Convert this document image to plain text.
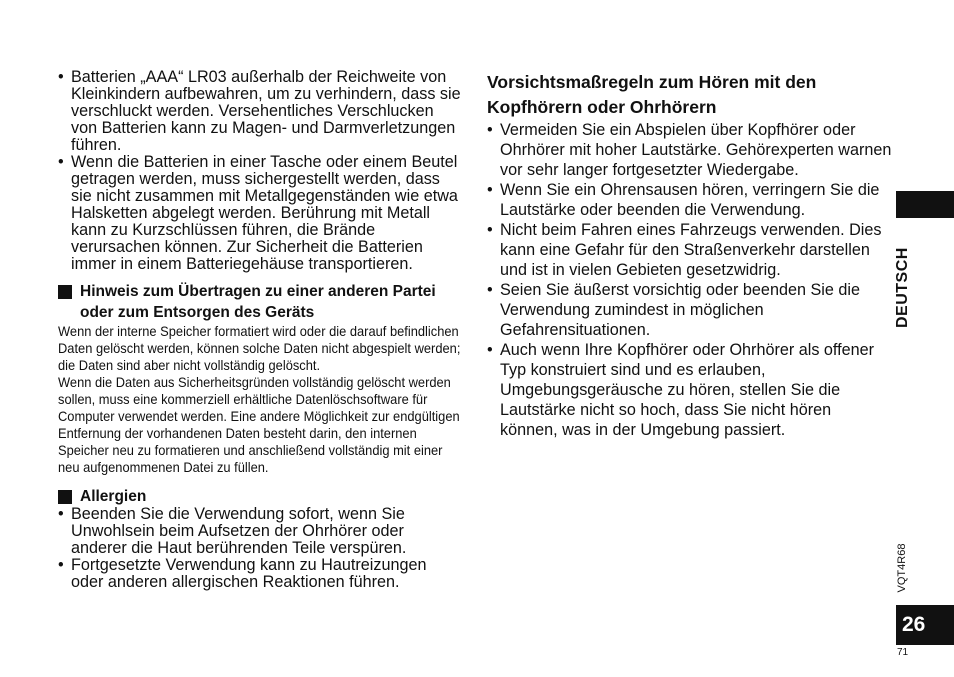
• Batterien „AAA“ LR03 außerhalb der Reichweite von Kleinkindern aufbewahren, um zu verhindern, dass sie verschluckt werden. Versehentliches Verschlucken von Batterien kann zu Magen- und Darmverletzungen führen.
• Wenn die Batterien in einer Tasche oder einem Beutel getragen werden, muss sichergestellt werden, dass sie nicht zusammen mit Metallgegenständen wie etwa Halsketten abgelegt werden. Berührung mit Metall kann zu Kurzschlüssen führen, die Brände verursachen können. Zur Sicherheit die Batterien immer in einem Batteriegehäuse transportieren.
Hinweis zum Übertragen zu einer anderen Partei oder zum Entsorgen des Geräts

Wenn der interne Speicher formatiert wird oder die darauf befindlichen Daten gelöscht werden, können solche Daten nicht abgespielt werden; die Daten sind aber nicht vollständig gelöscht.

Wenn die Daten aus Sicherheitsgründen vollständig gelöscht werden sollen, muss eine kommerziell erhältliche Datenlöschsoftware für Computer verwendet werden. Eine andere Möglichkeit zur endgültigen Entfernung der vorhandenen Daten besteht darin, den internen Speicher neu zu formatieren und anschließend vollständig mit einer neu aufgenommenen Datei zu füllen.

Allergien
• Beenden Sie die Verwendung sofort, wenn Sie Unwohlsein beim Aufsetzen der Ohrhörer oder anderer die Haut berührenden Teile verspüren.
• Fortgesetzte Verwendung kann zu Hautreizungen oder anderen allergischen Reaktionen führen.
Vorsichtsmaßregeln zum Hören mit den Kopfhörern oder Ohrhörern
• Vermeiden Sie ein Abspielen über Kopfhörer oder Ohrhörer mit hoher Lautstärke. Gehörexperten warnen vor sehr langer fortgesetzter Wiedergabe.
• Wenn Sie ein Ohrensausen hören, verringern Sie die Lautstärke oder beenden die Verwendung.
• Nicht beim Fahren eines Fahrzeugs verwenden. Dies kann eine Gefahr für den Straßenverkehr darstellen und ist in vielen Gebieten gesetzwidrig.
• Seien Sie äußerst vorsichtig oder beenden Sie die Verwendung zumindest in möglichen Gefahrensituationen.
• Auch wenn Ihre Kopfhörer oder Ohrhörer als offener Typ konstruiert sind und es erlauben, Umgebungsgeräusche zu hören, stellen Sie die Lautstärke nicht so hoch, dass Sie nicht hören können, was in der Umgebung passiert.
DEUTSCH
VQT4R68
26
71
